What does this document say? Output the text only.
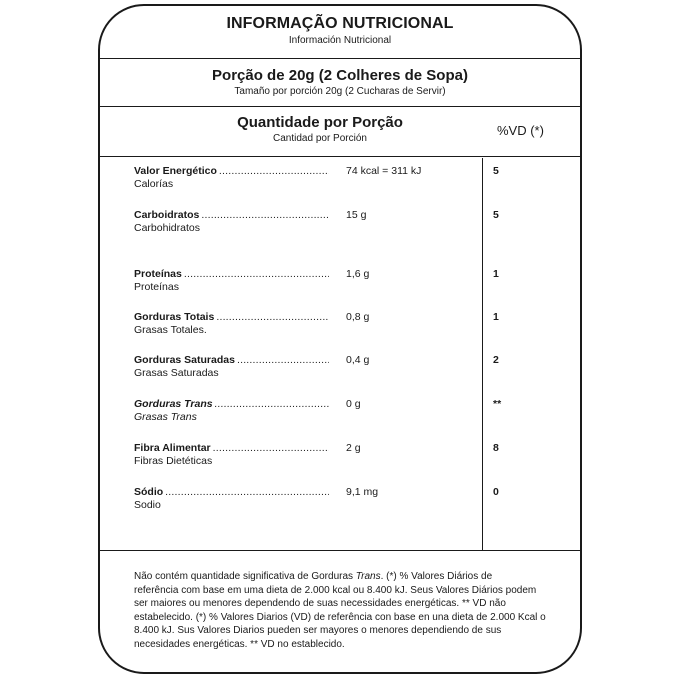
INFORMAÇÃO NUTRICIONAL
Información Nutricional
Porção de 20g (2 Colheres de Sopa)
Tamaño por porción 20g (2 Cucharas de Servir)
Quantidade por Porção
Cantidad por Porción
%VD (*)
Valor Energético
.....
Calorías
74 kcal = 311 kJ	5
Carboidratos
.....
Carbohidratos
15 g	5
Proteínas
.....
Proteínas
1,6 g	1
Gorduras Totais
.....
Grasas Totales.
0,8 g	1
Gorduras Saturadas
.....
Grasas Saturadas
0,4 g	2
Gorduras Trans
.....
Grasas Trans
0 g	**
Fibra Alimentar
.....
Fibras Dietéticas
2 g	8
Sódio
.....
Sodio
9,1 mg	0
Não contém quantidade significativa de Gorduras Trans. (*) % Valores Diários de
referência com base em uma dieta de 2.000 kcal ou 8.400 kJ. Seus Valores Diários podem
ser maiores ou menores dependendo de suas necessidades energéticas. ** VD não
estabelecido. (*) % Valores Diarios (VD) de referência con base en una dieta de 2.000 Kcal o
8.400 kJ. Sus Valores Diarios pueden ser mayores o menores dependiendo de sus
necesidades energéticas. ** VD no establecido.
